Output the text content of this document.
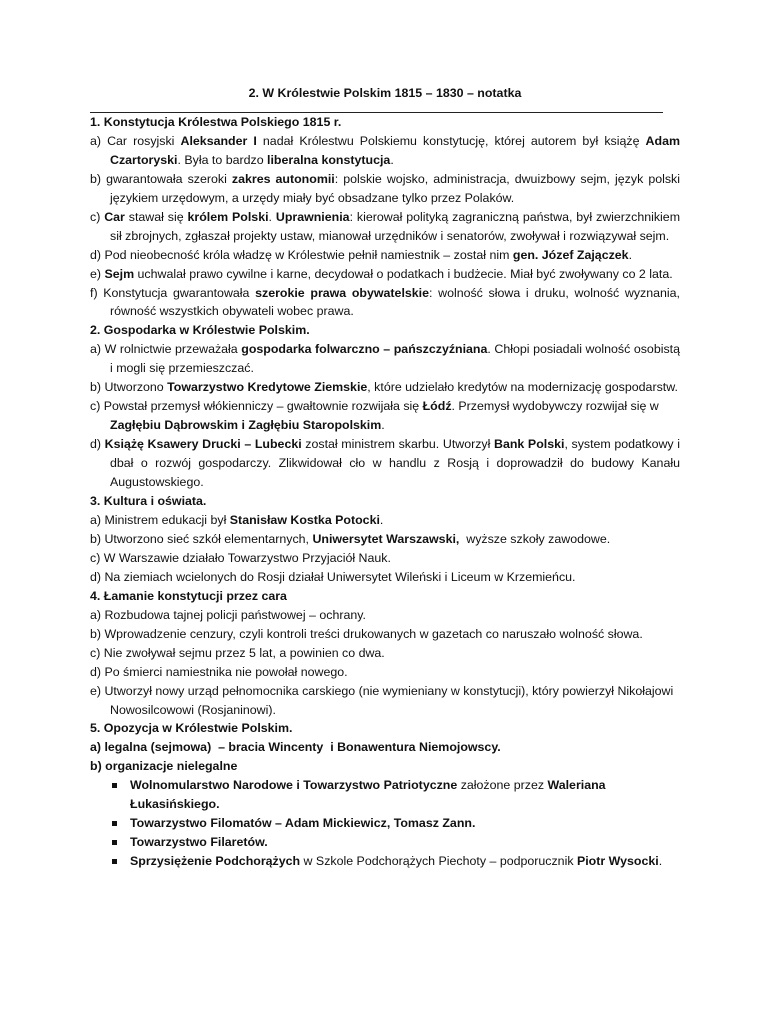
2. W Królestwie Polskim 1815 – 1830 – notatka

1. Konstytucja Królestwa Polskiego 1815 r.

a) Car rosyjski Aleksander I nadał Królestwu Polskiemu konstytucję, której autorem był książę Adam Czartoryski. Była to bardzo liberalna konstytucja.

b) gwarantowała szeroki zakres autonomii: polskie wojsko, administracja, dwuizbowy sejm, język polski językiem urzędowym, a urzędy miały być obsadzane tylko przez Polaków.

c) Car stawał się królem Polski. Uprawnienia: kierował polityką zagraniczną państwa, był zwierzchnikiem sił zbrojnych, zgłaszał projekty ustaw, mianował urzędników i senatorów, zwoływał i rozwiązywał sejm.

d) Pod nieobecność króla władzę w Królestwie pełnił namiestnik – został nim gen. Józef Zajączek.

e) Sejm uchwalał prawo cywilne i karne, decydował o podatkach i budżecie. Miał być zwoływany co 2 lata.

f) Konstytucja gwarantowała szerokie prawa obywatelskie: wolność słowa i druku, wolność wyznania, równość wszystkich obywateli wobec prawa.

2. Gospodarka w Królestwie Polskim.

a) W rolnictwie przeważała gospodarka folwarczno – pańszczyźniana. Chłopi posiadali wolność osobistą i mogli się przemieszczać.

b) Utworzono Towarzystwo Kredytowe Ziemskie, które udzielało kredytów na modernizację gospodarstw.

c) Powstał przemysł włókienniczy – gwałtownie rozwijała się Łódź. Przemysł wydobywczy rozwijał się w Zagłębiu Dąbrowskim i Zagłębiu Staropolskim.

d) Książę Ksawery Drucki – Lubecki został ministrem skarbu. Utworzył Bank Polski, system podatkowy i dbał o rozwój gospodarczy. Zlikwidował cło w handlu z Rosją i doprowadził do budowy Kanału Augustowskiego.

3. Kultura i oświata.

a) Ministrem edukacji był Stanisław Kostka Potocki.

b) Utworzono sieć szkół elementarnych, Uniwersytet Warszawski,  wyższe szkoły zawodowe.

c) W Warszawie działało Towarzystwo Przyjaciół Nauk.

d) Na ziemiach wcielonych do Rosji działał Uniwersytet Wileński i Liceum w Krzemieńcu.

4. Łamanie konstytucji przez cara

a) Rozbudowa tajnej policji państwowej – ochrany.

b) Wprowadzenie cenzury, czyli kontroli treści drukowanych w gazetach co naruszało wolność słowa.

c) Nie zwoływał sejmu przez 5 lat, a powinien co dwa.

d) Po śmierci namiestnika nie powołał nowego.

e) Utworzył nowy urząd pełnomocnika carskiego (nie wymieniany w konstytucji), który powierzył Nikołajowi Nowosilcowowi (Rosjaninowi).

5. Opozycja w Królestwie Polskim.

a) legalna (sejmowa)  – bracia Wincenty  i Bonawentura Niemojowscy.

b) organizacje nielegalne

Wolnomularstwo Narodowe i Towarzystwo Patriotyczne założone przez Waleriana Łukasińskiego.
Towarzystwo Filomatów – Adam Mickiewicz, Tomasz Zann.
Towarzystwo Filaretów.
Sprzysiężenie Podchorążych w Szkole Podchorążych Piechoty – podporucznik Piotr Wysocki.
